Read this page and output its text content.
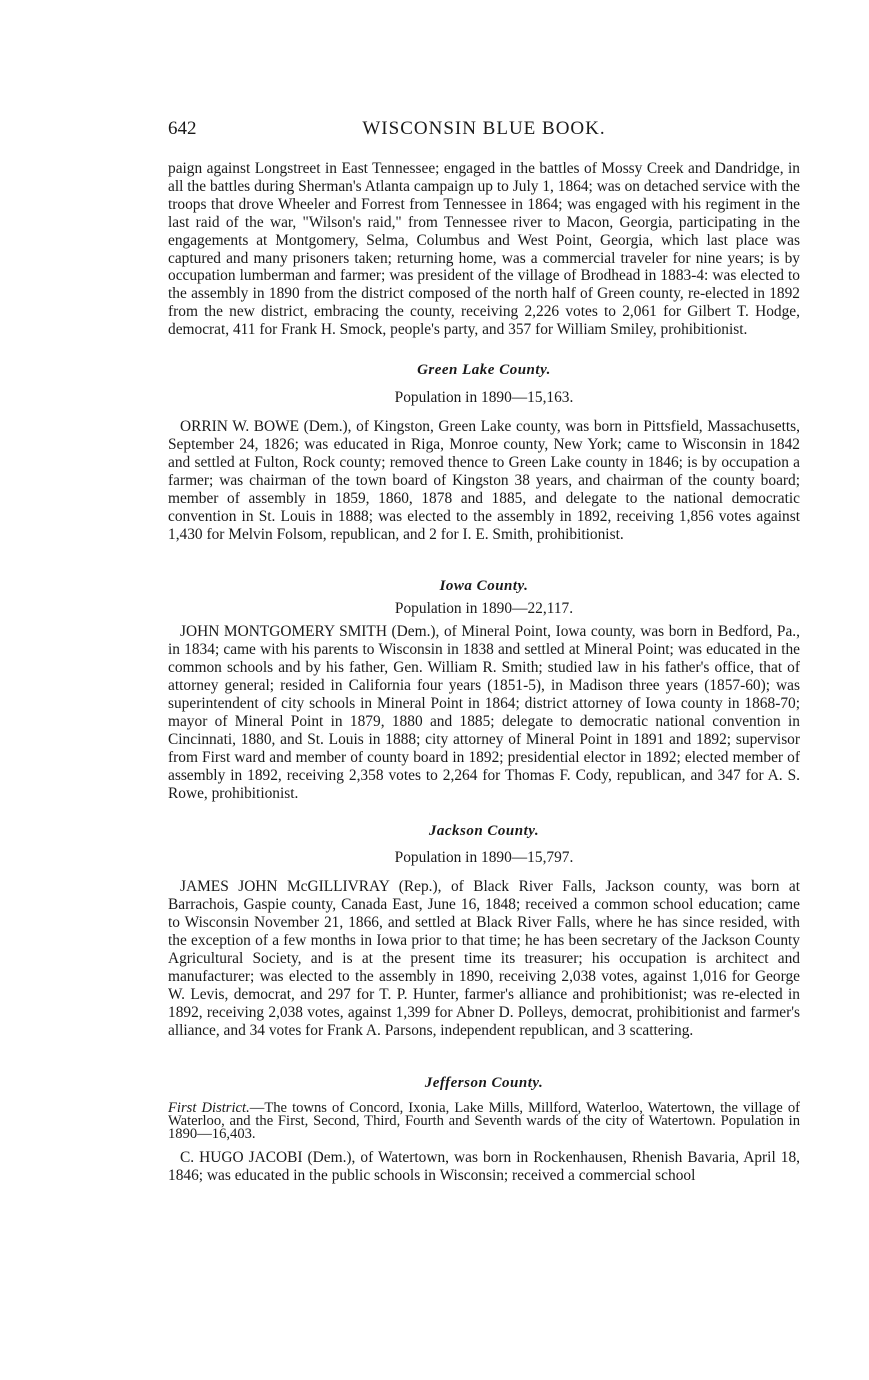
642	WISCONSIN BLUE BOOK.

paign against Longstreet in East Tennessee; engaged in the battles of Mossy Creek and Dandridge, in all the battles during Sherman's Atlanta campaign up to July 1, 1864; was on detached service with the troops that drove Wheeler and Forrest from Tennessee in 1864; was engaged with his regiment in the last raid of the war, "Wilson's raid," from Tennessee river to Macon, Georgia, participating in the engagements at Montgomery, Selma, Columbus and West Point, Georgia, which last place was captured and many prisoners taken; returning home, was a commercial traveler for nine years; is by occupation lumberman and farmer; was president of the village of Brodhead in 1883-4: was elected to the assembly in 1890 from the district composed of the north half of Green county, re-elected in 1892 from the new district, embracing the county, receiving 2,226 votes to 2,061 for Gilbert T. Hodge, democrat, 411 for Frank H. Smock, people's party, and 357 for William Smiley, prohibitionist.

Green Lake County.
Population in 1890—15,163.

ORRIN W. BOWE (Dem.), of Kingston, Green Lake county, was born in Pittsfield, Massachusetts, September 24, 1826; was educated in Riga, Monroe county, New York; came to Wisconsin in 1842 and settled at Fulton, Rock county; removed thence to Green Lake county in 1846; is by occupation a farmer; was chairman of the town board of Kingston 38 years, and chairman of the county board; member of assembly in 1859, 1860, 1878 and 1885, and delegate to the national democratic convention in St. Louis in 1888; was elected to the assembly in 1892, receiving 1,856 votes against 1,430 for Melvin Folsom, republican, and 2 for I. E. Smith, prohibitionist.

Iowa County.
Population in 1890—22,117.

JOHN MONTGOMERY SMITH (Dem.), of Mineral Point, Iowa county, was born in Bedford, Pa., in 1834; came with his parents to Wisconsin in 1838 and settled at Mineral Point; was educated in the common schools and by his father, Gen. William R. Smith; studied law in his father's office, that of attorney general; resided in California four years (1851-5), in Madison three years (1857-60); was superintendent of city schools in Mineral Point in 1864; district attorney of Iowa county in 1868-70; mayor of Mineral Point in 1879, 1880 and 1885; delegate to democratic national convention in Cincinnati, 1880, and St. Louis in 1888; city attorney of Mineral Point in 1891 and 1892; supervisor from First ward and member of county board in 1892; presidential elector in 1892; elected member of assembly in 1892, receiving 2,358 votes to 2,264 for Thomas F. Cody, republican, and 347 for A. S. Rowe, prohibitionist.

Jackson County.
Population in 1890—15,797.

JAMES JOHN McGILLIVRAY (Rep.), of Black River Falls, Jackson county, was born at Barrachois, Gaspie county, Canada East, June 16, 1848; received a common school education; came to Wisconsin November 21, 1866, and settled at Black River Falls, where he has since resided, with the exception of a few months in Iowa prior to that time; he has been secretary of the Jackson County Agricultural Society, and is at the present time its treasurer; his occupation is architect and manufacturer; was elected to the assembly in 1890, receiving 2,038 votes, against 1,016 for George W. Levis, democrat, and 297 for T. P. Hunter, farmer's alliance and prohibitionist; was re-elected in 1892, receiving 2,038 votes, against 1,399 for Abner D. Polleys, democrat, prohibitionist and farmer's alliance, and 34 votes for Frank A. Parsons, independent republican, and 3 scattering.

Jefferson County.
First District.—The towns of Concord, Ixonia, Lake Mills, Millford, Waterloo, Watertown, the village of Waterloo, and the First, Second, Third, Fourth and Seventh wards of the city of Watertown. Population in 1890—16,403.

C. HUGO JACOBI (Dem.), of Watertown, was born in Rockenhausen, Rhenish Bavaria, April 18, 1846; was educated in the public schools in Wisconsin; received a commercial school
